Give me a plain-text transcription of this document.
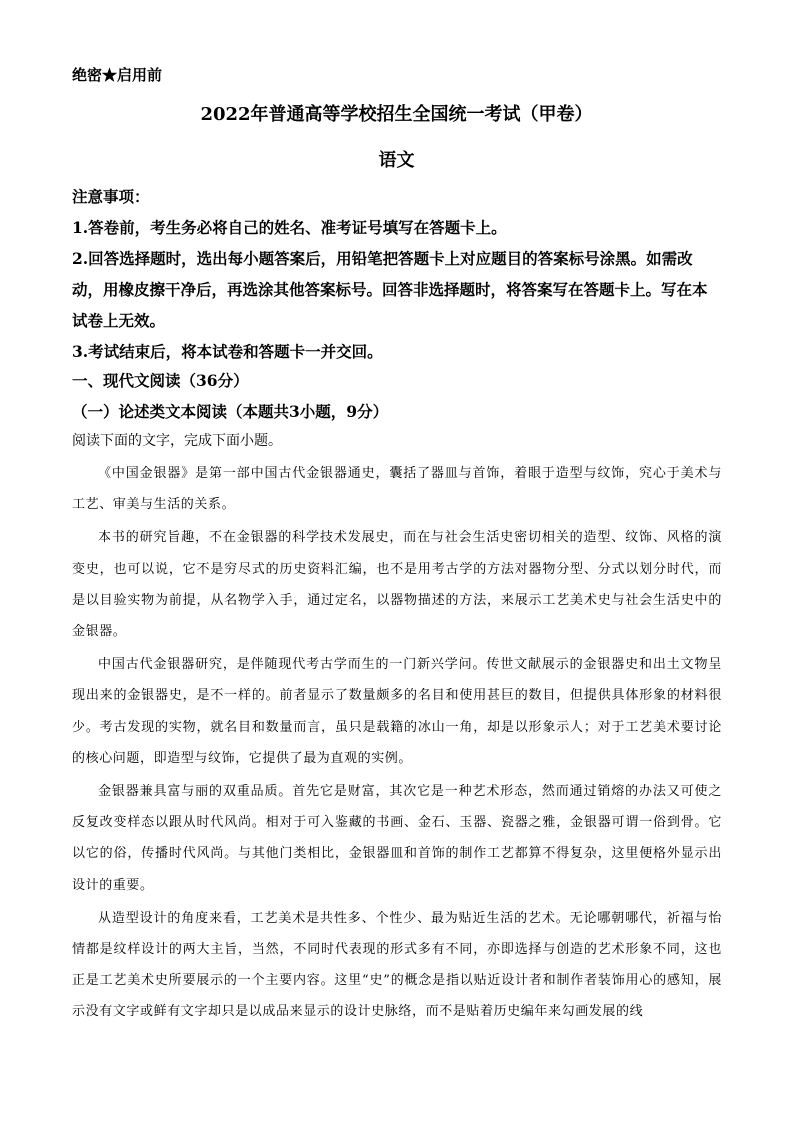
绝密★启用前
2022年普通高等学校招生全国统一考试（甲卷）
语文

注意事项：

1.答卷前，考生务必将自己的姓名、准考证号填写在答题卡上。

2.回答选择题时，选出每小题答案后，用铅笔把答题卡上对应题目的答案标号涂黑。如需改动，用橡皮擦干净后，再选涂其他答案标号。回答非选择题时，将答案写在答题卡上。写在本试卷上无效。

3.考试结束后，将本试卷和答题卡一并交回。

一、现代文阅读（36分）
（一）论述类文本阅读（本题共3小题，9分）
阅读下面的文字，完成下面小题。

《中国金银器》是第一部中国古代金银器通史，囊括了器皿与首饰，着眼于造型与纹饰，究心于美术与工艺、审美与生活的关系。

本书的研究旨趣，不在金银器的科学技术发展史，而在与社会生活史密切相关的造型、纹饰、风格的演变史，也可以说，它不是穷尽式的历史资料汇编，也不是用考古学的方法对器物分型、分式以划分时代，而是以目验实物为前提，从名物学入手，通过定名，以器物描述的方法，来展示工艺美术史与社会生活史中的金银器。

中国古代金银器研究，是伴随现代考古学而生的一门新兴学问。传世文献展示的金银器史和出土文物呈现出来的金银器史，是不一样的。前者显示了数量颇多的名目和使用甚巨的数目，但提供具体形象的材料很少。考古发现的实物，就名目和数量而言，虽只是载籍的冰山一角，却是以形象示人；对于工艺美术要讨论的核心问题，即造型与纹饰，它提供了最为直观的实例。

金银器兼具富与丽的双重品质。首先它是财富，其次它是一种艺术形态，然而通过销熔的办法又可使之反复改变样态以跟从时代风尚。相对于可入鉴藏的书画、金石、玉器、瓷器之雅，金银器可谓一俗到骨。它以它的俗，传播时代风尚。与其他门类相比，金银器皿和首饰的制作工艺都算不得复杂，这里便格外显示出设计的重要。

从造型设计的角度来看，工艺美术是共性多、个性少、最为贴近生活的艺术。无论哪朝哪代，祈福与怡情都是纹样设计的两大主旨，当然，不同时代表现的形式多有不同，亦即选择与创造的艺术形象不同，这也正是工艺美术史所要展示的一个主要内容。这里“史”的概念是指以贴近设计者和制作者装饰用心的感知，展示没有文字或鲜有文字却只是以成品来显示的设计史脉络，而不是贴着历史编年来勾画发展的线
